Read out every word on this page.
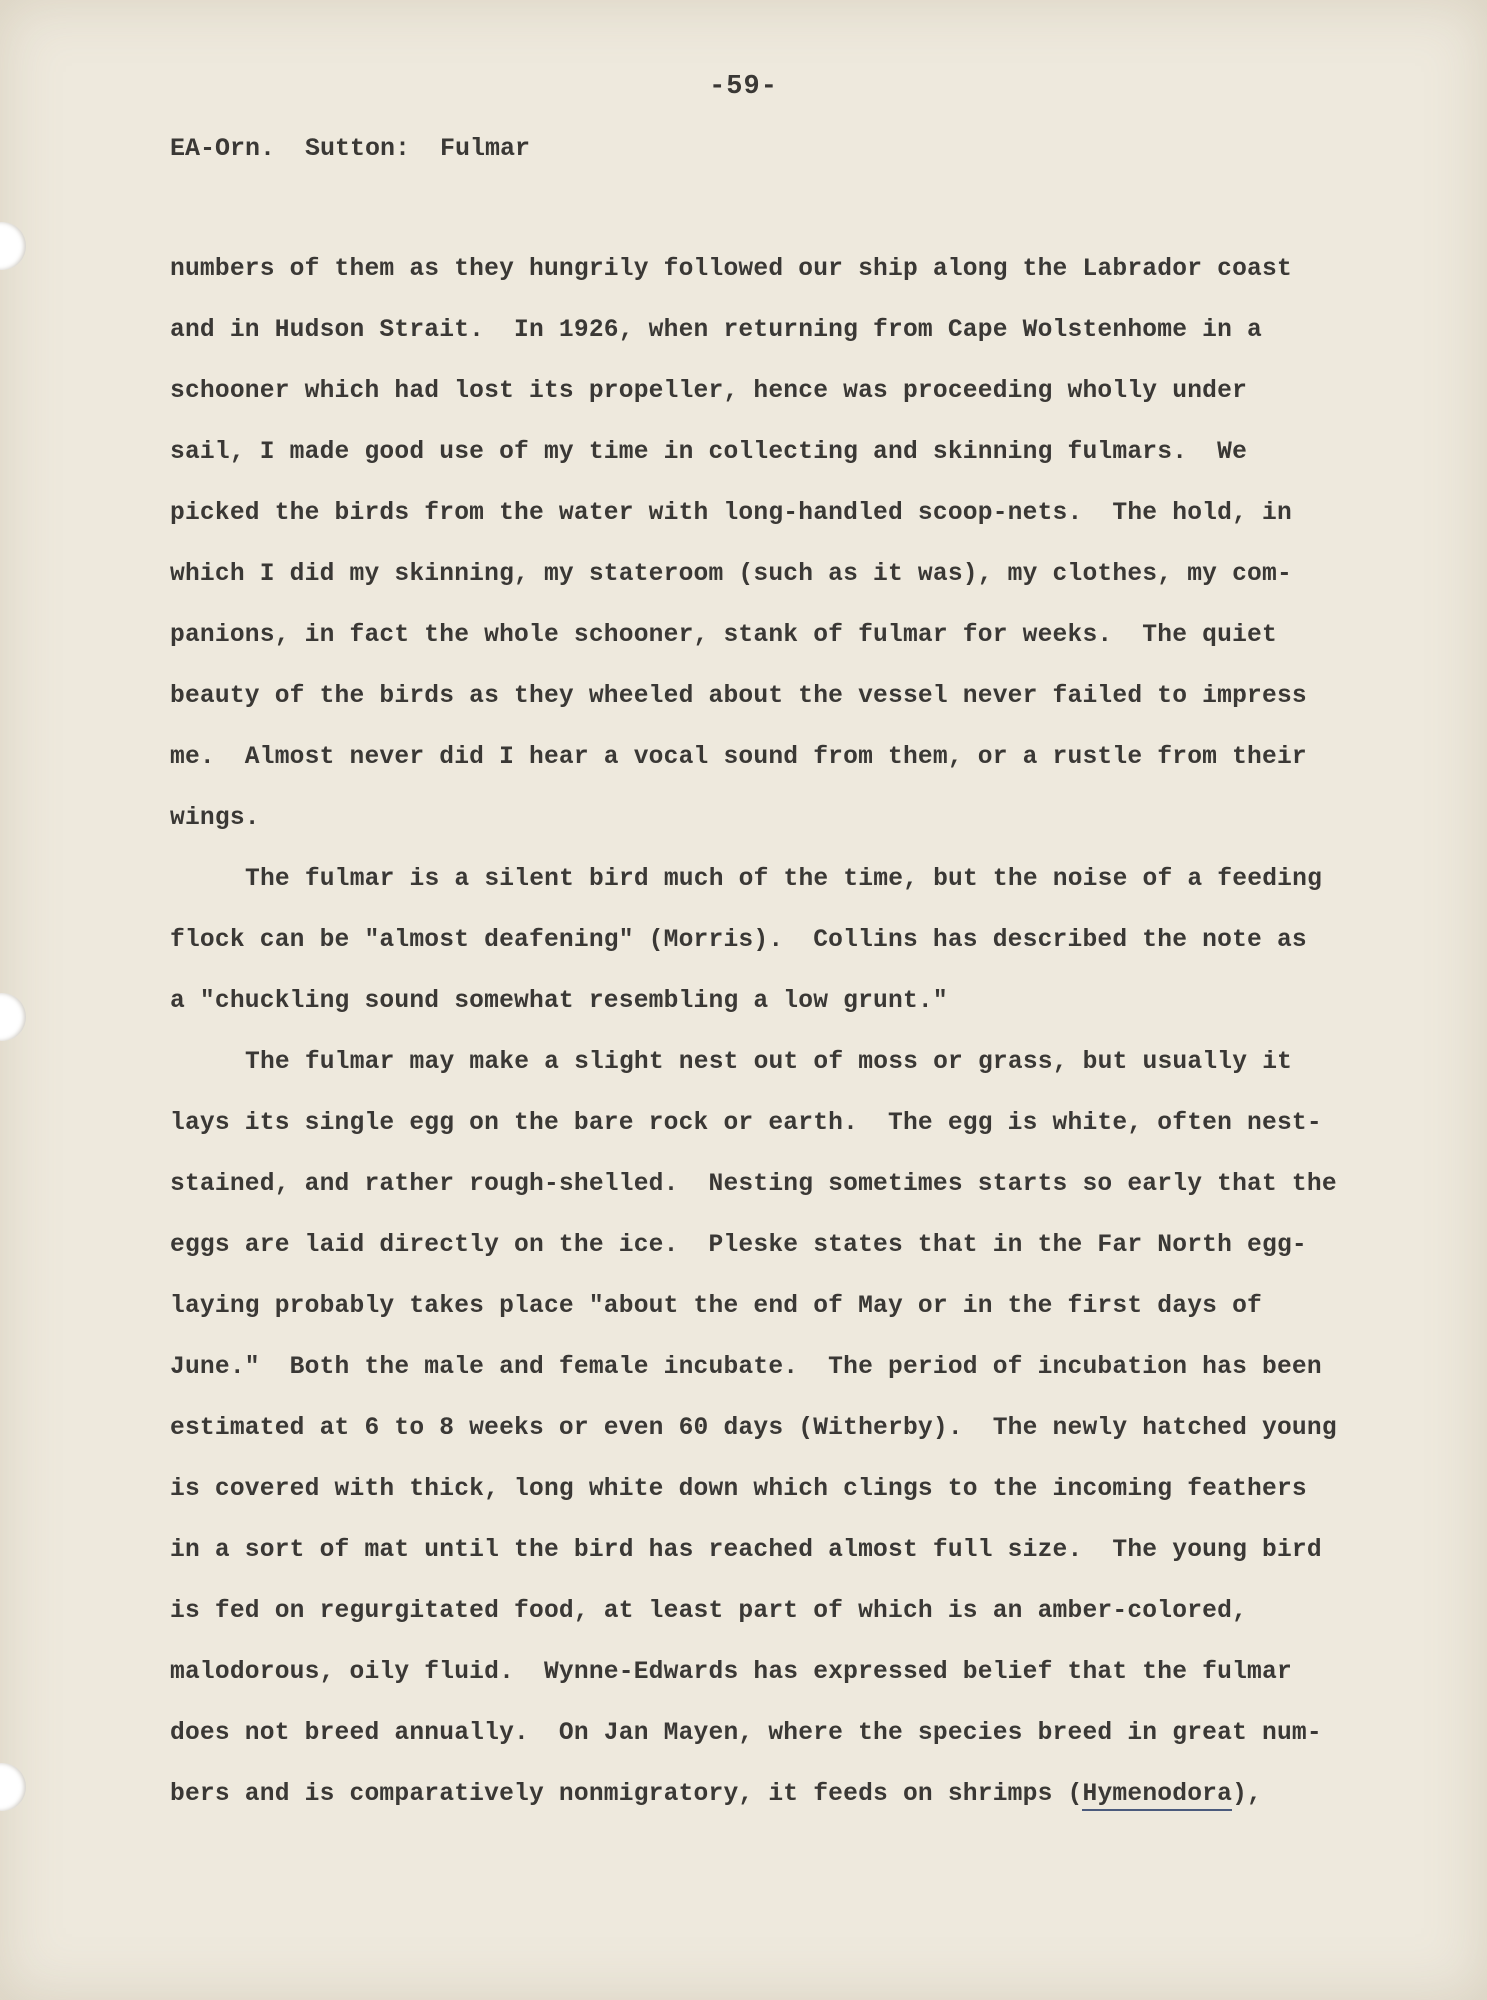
-59-
EA-Orn.  Sutton:  Fulmar
numbers of them as they hungrily followed our ship along the Labrador coast
and in Hudson Strait.  In 1926, when returning from Cape Wolstenhome in a
schooner which had lost its propeller, hence was proceeding wholly under
sail, I made good use of my time in collecting and skinning fulmars.  We
picked the birds from the water with long-handled scoop-nets.  The hold, in
which I did my skinning, my stateroom (such as it was), my clothes, my com-
panions, in fact the whole schooner, stank of fulmar for weeks.  The quiet
beauty of the birds as they wheeled about the vessel never failed to impress
me.  Almost never did I hear a vocal sound from them, or a rustle from their
wings.
The fulmar is a silent bird much of the time, but the noise of a feeding
flock can be "almost deafening" (Morris).  Collins has described the note as
a "chuckling sound somewhat resembling a low grunt."
The fulmar may make a slight nest out of moss or grass, but usually it
lays its single egg on the bare rock or earth.  The egg is white, often nest-
stained, and rather rough-shelled.  Nesting sometimes starts so early that the
eggs are laid directly on the ice.  Pleske states that in the Far North egg-
laying probably takes place "about the end of May or in the first days of
June."  Both the male and female incubate.  The period of incubation has been
estimated at 6 to 8 weeks or even 60 days (Witherby).  The newly hatched young
is covered with thick, long white down which clings to the incoming feathers
in a sort of mat until the bird has reached almost full size.  The young bird
is fed on regurgitated food, at least part of which is an amber-colored,
malodorous, oily fluid.  Wynne-Edwards has expressed belief that the fulmar
does not breed annually.  On Jan Mayen, where the species breed in great num-
bers and is comparatively nonmigratory, it feeds on shrimps (Hymenodora),
